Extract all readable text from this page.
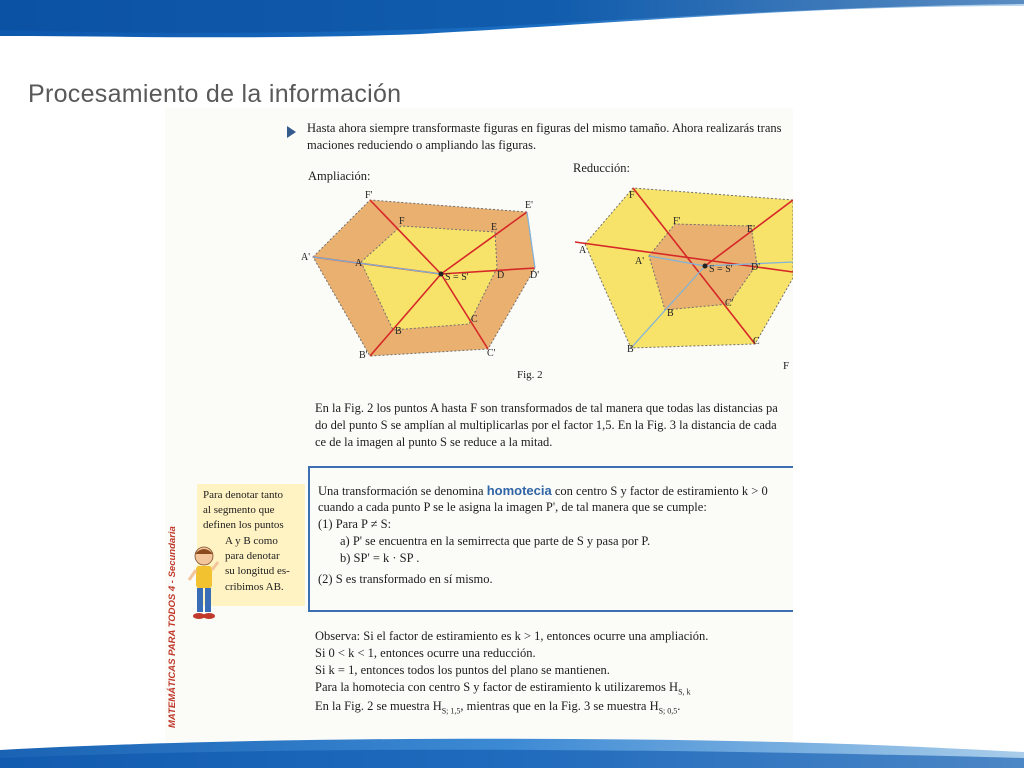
Procesamiento de la información
Hasta ahora siempre transformaste figuras en figuras del mismo tamaño. Ahora realizarás trans
maciones reduciendo o ampliando las figuras.
Ampliación:
Reducción:
A'
A
F'
F
E'
E
D'
D
C'
C
B'
B
S = S'
A
A'
F
F'
E'
D'
C'
C
B
B
S = S'
Fig. 2
F
En la Fig. 2 los puntos A hasta F son transformados de tal manera que todas las distancias pa
do del punto S se amplían al multiplicarlas por el factor 1,5. En la Fig. 3 la distancia de cada
ce de la imagen al punto S se reduce a la mitad.
Una transformación se denomina homotecia con centro S y factor de estiramiento k > 0
cuando a cada punto P se le asigna la imagen P', de tal manera que se cumple:
(1) Para P ≠ S:
a) P' se encuentra en la semirrecta que parte de S y pasa por P.
b) SP' = k · SP .
(2) S es transformado en sí mismo.
Para denotar tanto
al segmento que
definen los puntos
A y B como
para denotar
su longitud es-
cribimos AB.
MATEMÁTICAS PARA TODOS 4 - Secundaria	Observa: Si el factor de estiramiento es k > 1, entonces ocurre una ampliación.
Si 0 < k < 1, entonces ocurre una reducción.
Si k = 1, entonces todos los puntos del plano se mantienen.
Para la homotecia con centro S y factor de estiramiento k utilizaremos $H_{S, k}$
En la Fig. 2 se muestra $H_{S; 1,5}$, mientras que en la Fig. 3 se muestra $H_{S; 0,5}$.
